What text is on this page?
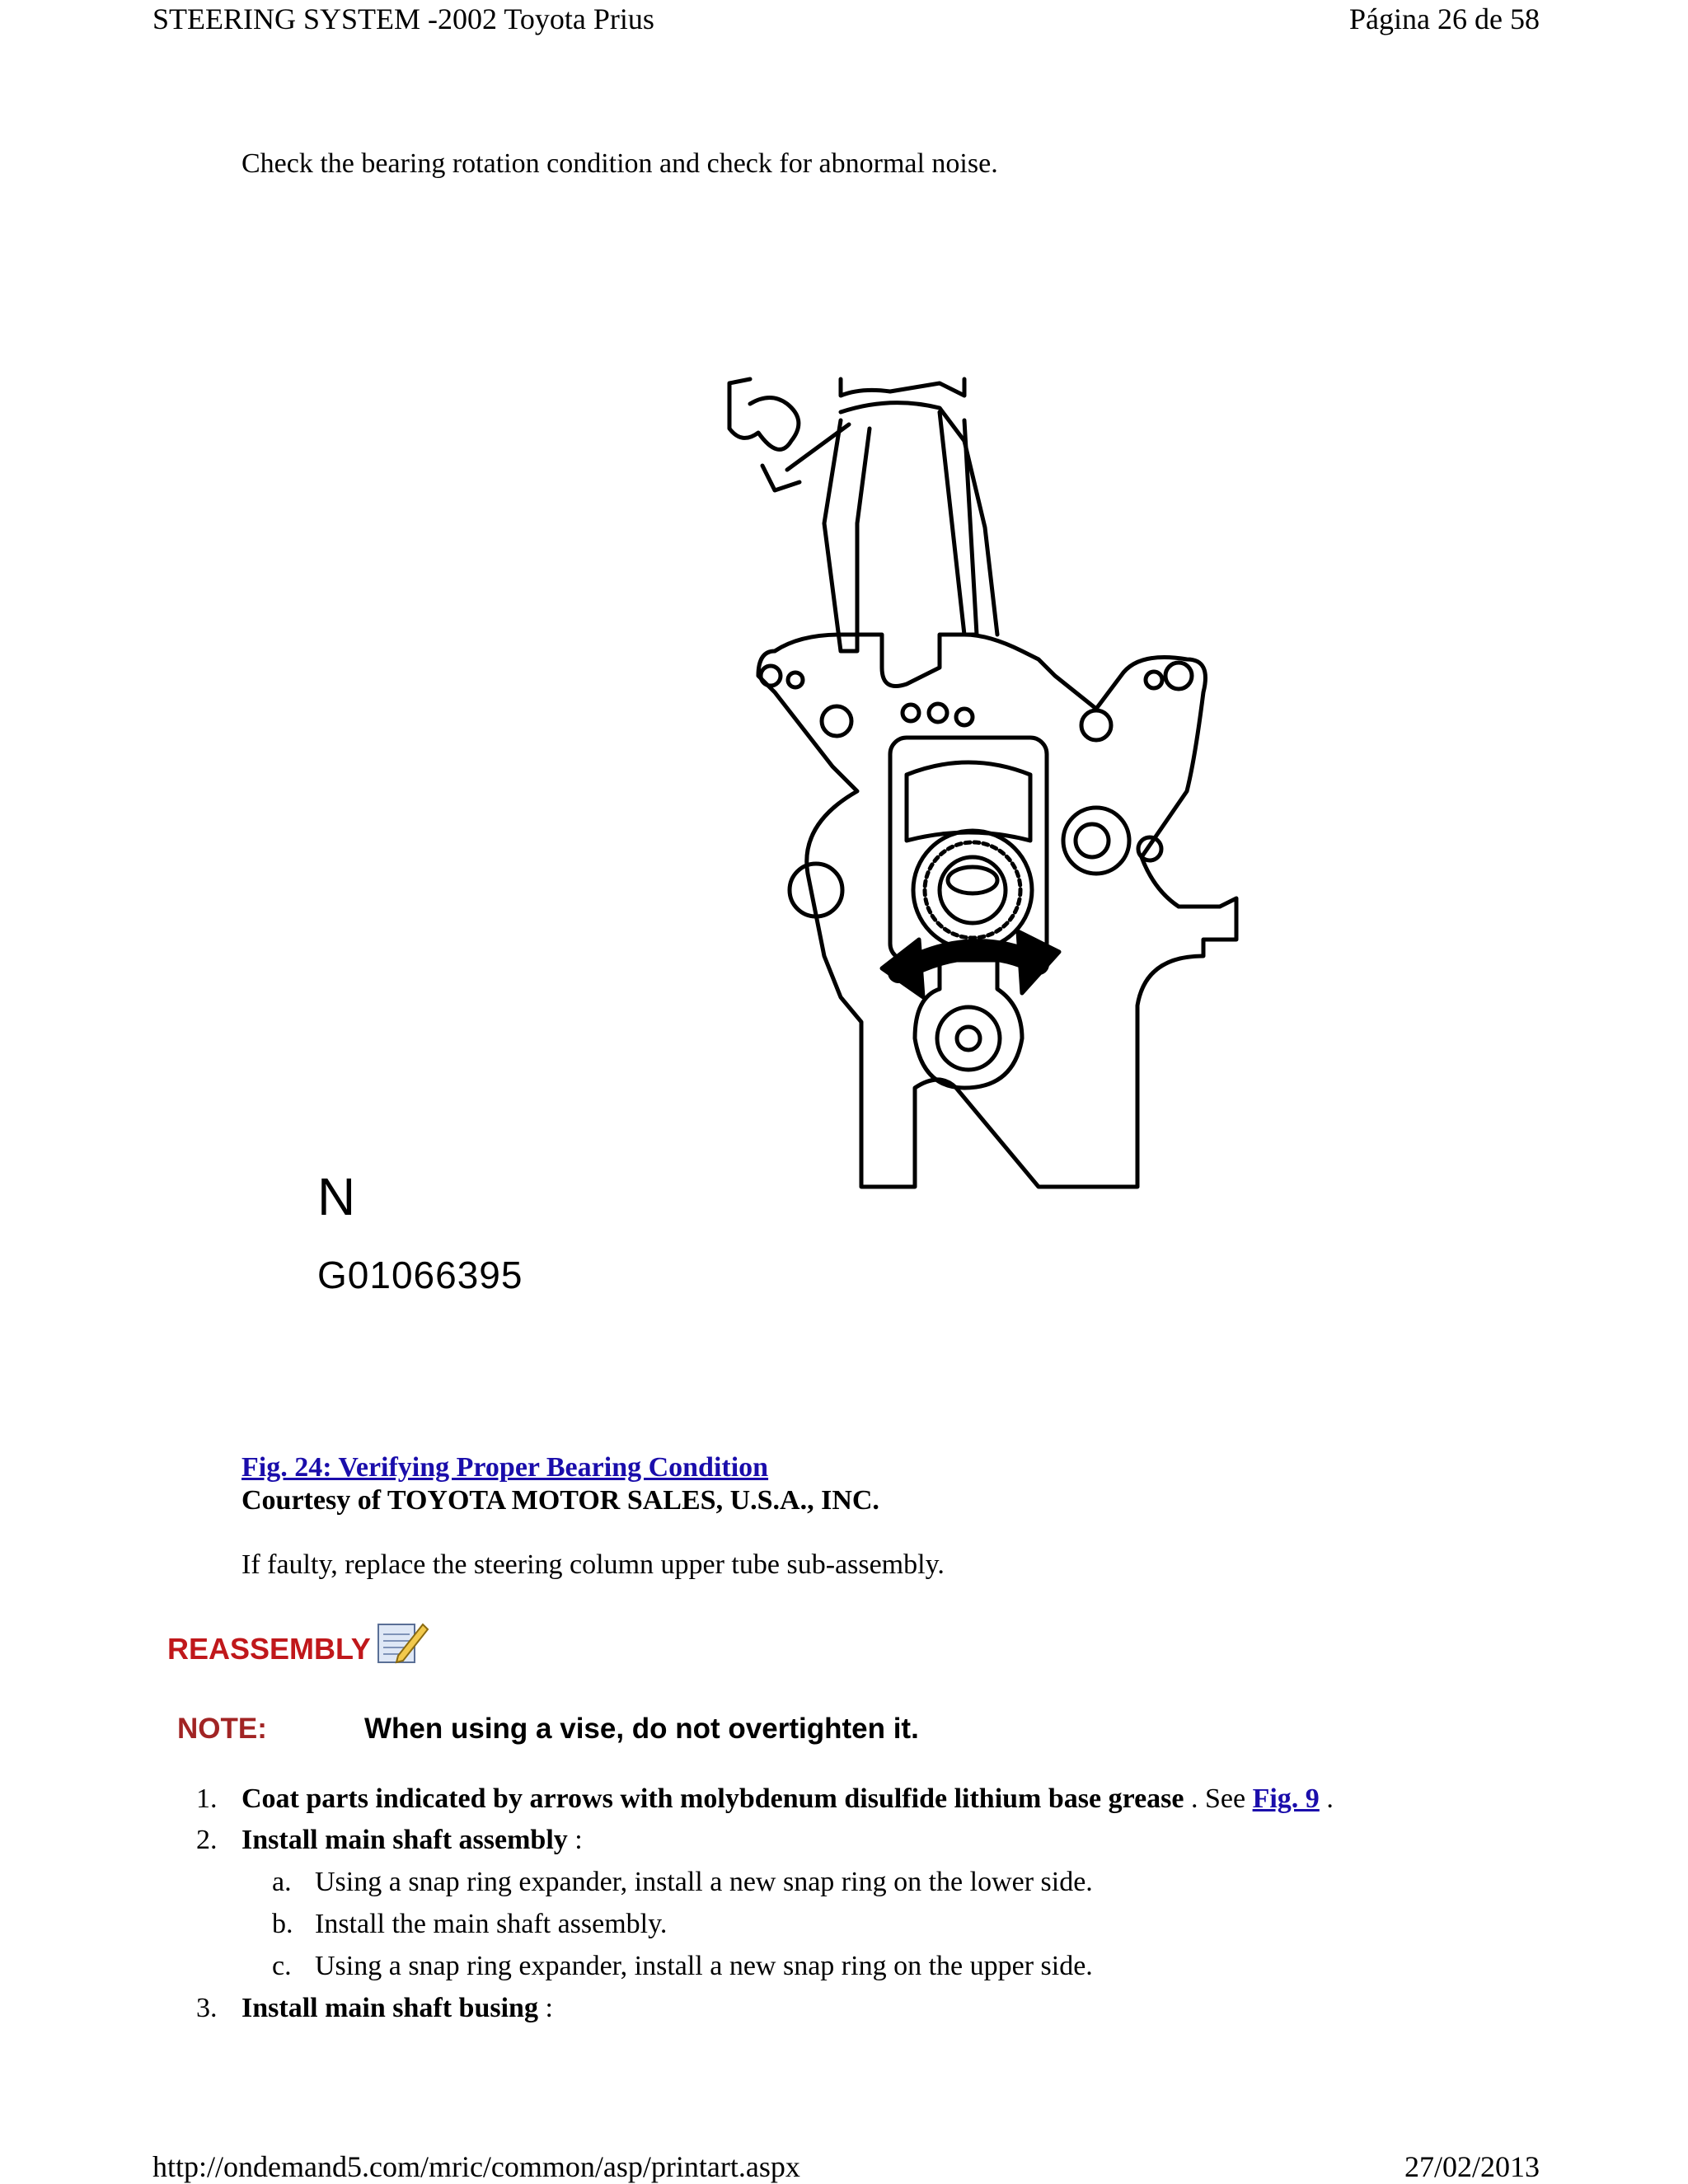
STEERING SYSTEM -2002 Toyota Prius	Página 26 de 58
Check the bearing rotation condition and check for abnormal noise.
N
G01066395
Fig. 24: Verifying Proper Bearing Condition
Courtesy of TOYOTA MOTOR SALES, U.S.A., INC.
If faulty, replace the steering column upper tube sub-assembly.
REASSEMBLY
NOTE:	When using a vise, do not overtighten it.
1. Coat parts indicated by arrows with molybdenum disulfide lithium base grease . See Fig. 9 .
2. Install main shaft assembly :
a. Using a snap ring expander, install a new snap ring on the lower side.
b. Install the main shaft assembly.
c. Using a snap ring expander, install a new snap ring on the upper side.
3. Install main shaft busing :
http://ondemand5.com/mric/common/asp/printart.aspx	27/02/2013
